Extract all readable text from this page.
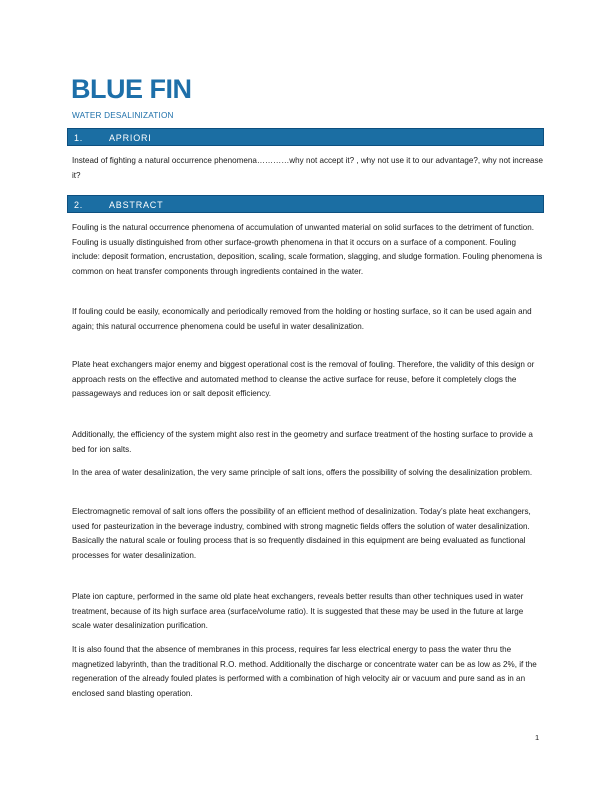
BLUE FIN
WATER DESALINIZATION
1.	APRIORI

Instead of fighting a natural occurrence phenomena…………why not accept it? , why not use it to our advantage?, why not increase it?

2.	ABSTRACT

Fouling is the natural occurrence phenomena of accumulation of unwanted material on solid surfaces to the detriment of function. Fouling is usually distinguished from other surface-growth phenomena in that it occurs on a surface of a component. Fouling include: deposit formation, encrustation, deposition, scaling, scale formation, slagging, and sludge formation. Fouling phenomena is common on heat transfer components through ingredients contained in the water.

If fouling could be easily, economically and periodically removed from the holding or hosting surface, so it can be used again and again; this natural occurrence phenomena could be useful in water desalinization.

Plate heat exchangers major enemy and biggest operational cost is the removal of fouling. Therefore, the validity of this design or approach rests on the effective and automated method to cleanse the active surface for reuse, before it completely clogs the passageways and reduces ion or salt deposit efficiency.

Additionally, the efficiency of the system might also rest in the geometry and surface treatment of the hosting surface to provide a bed for ion salts.

In the area of water desalinization, the very same principle of salt ions, offers the possibility of solving the desalinization problem.

Electromagnetic removal of salt ions offers the possibility of an efficient method of desalinization. Today’s plate heat exchangers, used for pasteurization in the beverage industry, combined with strong magnetic fields offers the solution of water desalinization. Basically the natural scale or fouling process that is so frequently disdained in this equipment are being evaluated as functional processes for water desalinization.

Plate ion capture, performed in the same old plate heat exchangers, reveals better results than other techniques used in water treatment, because of its high surface area (surface/volume ratio). It is suggested that these may be used in the future at large scale water desalinization purification.

It is also found that the absence of membranes in this process, requires far less electrical energy to pass the water thru the magnetized labyrinth, than the traditional R.O. method. Additionally the discharge or concentrate water can be as low as 2%, if the regeneration of the already fouled plates is performed with a combination of high velocity air or vacuum and pure sand as in an enclosed sand blasting operation.

1
